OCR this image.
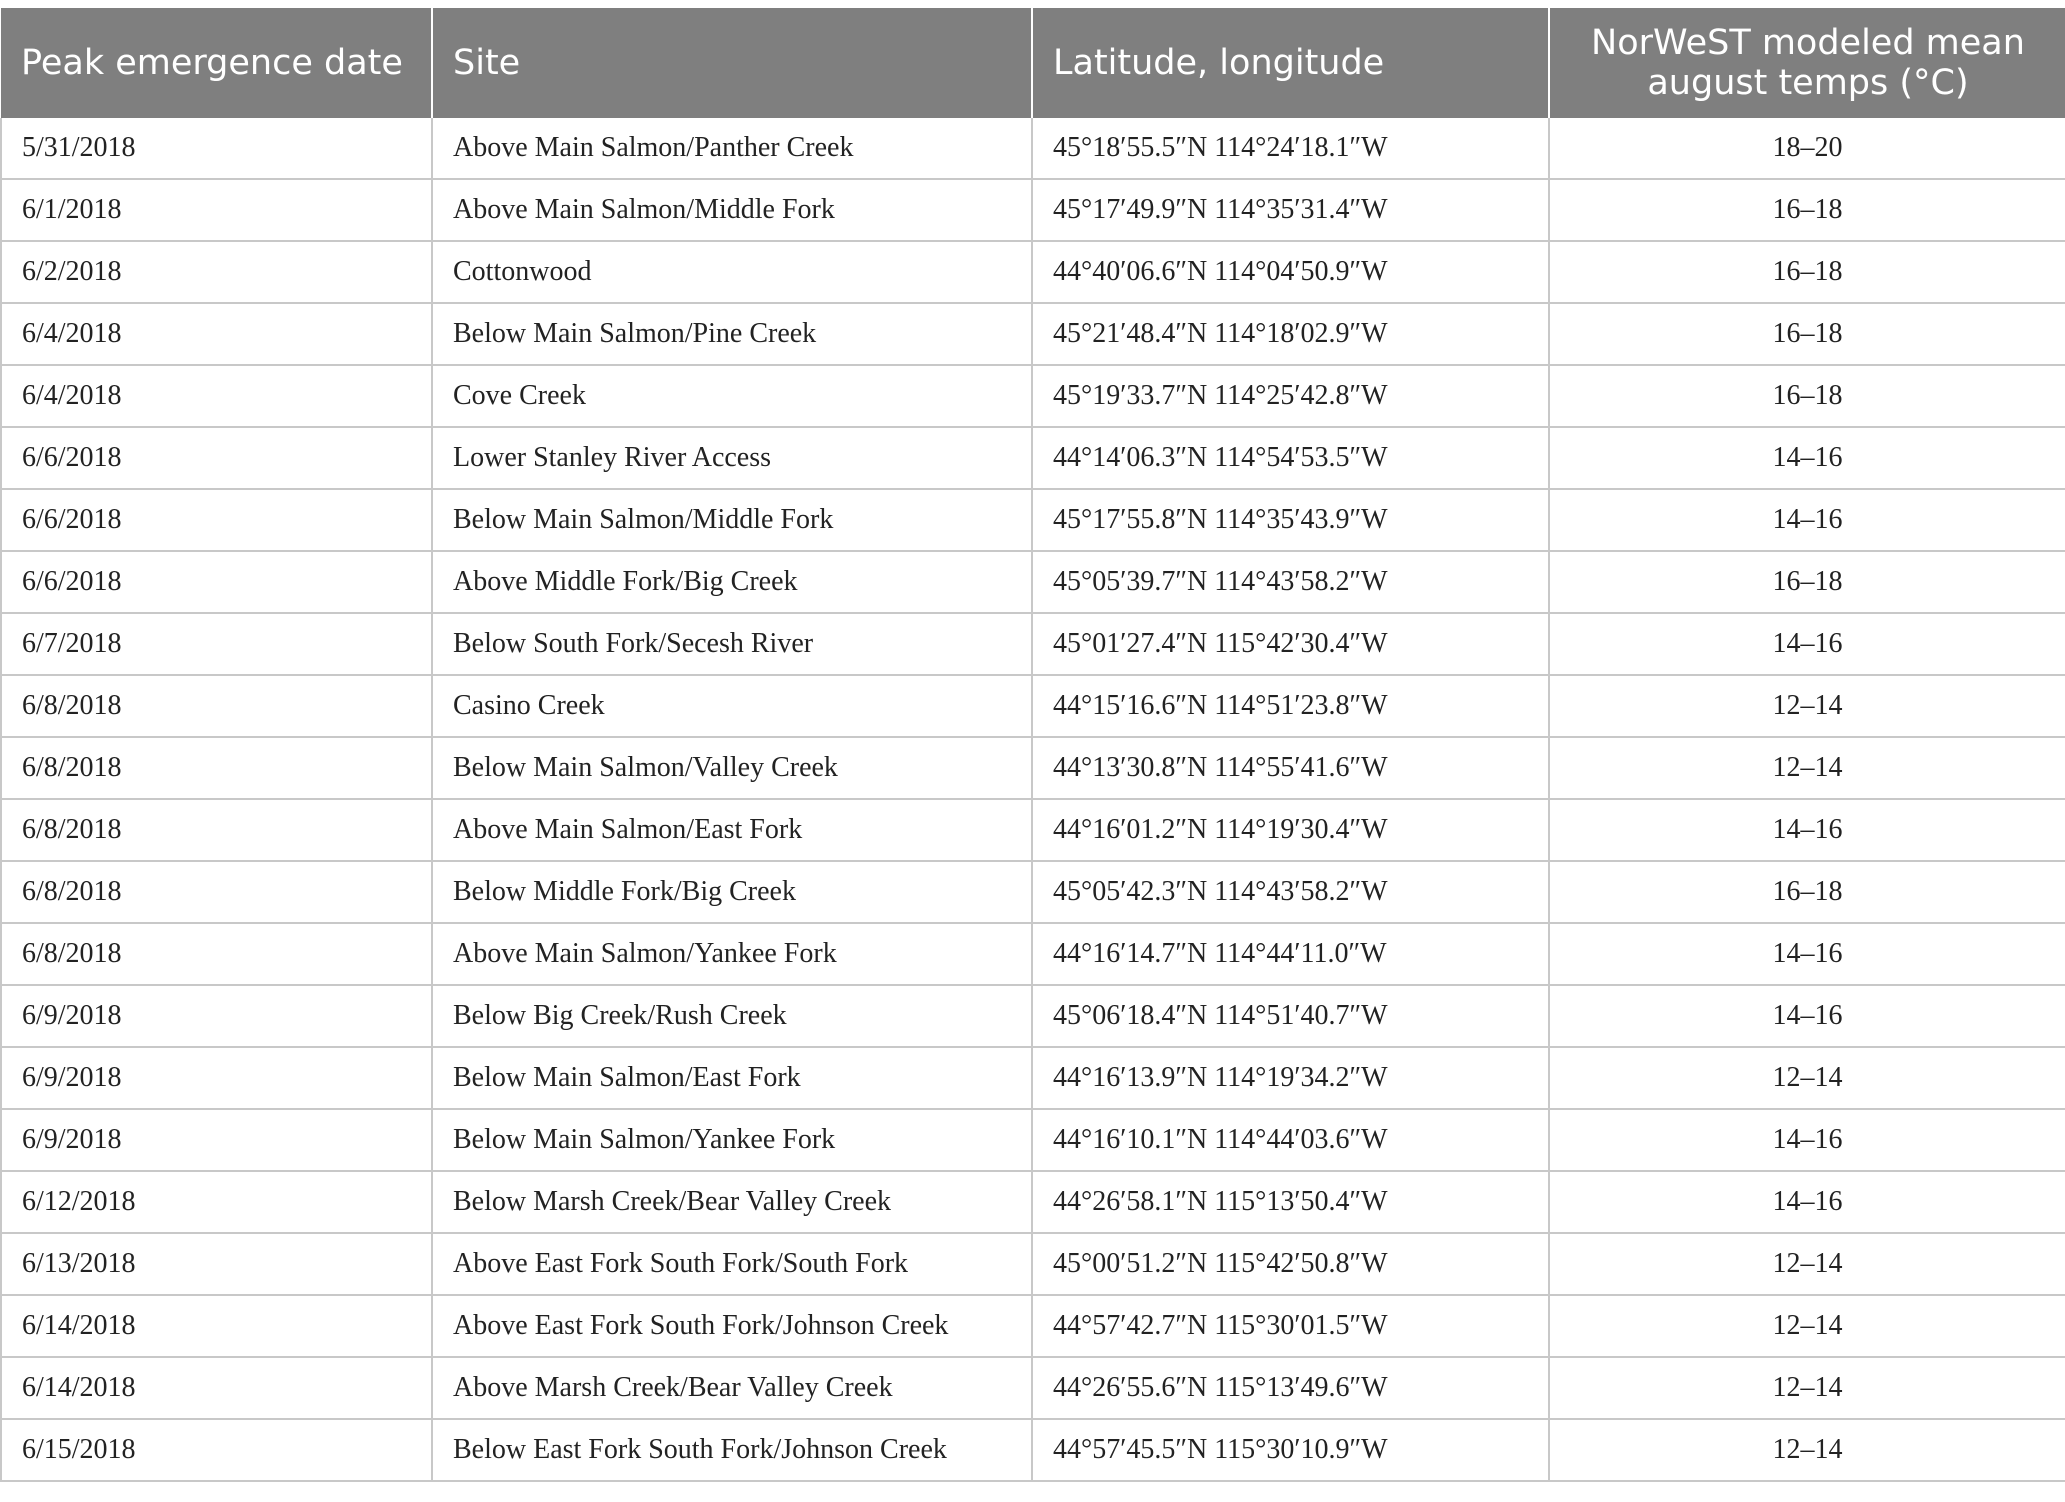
Peak emergence date	Site	Latitude, longitude	NorWeST modeled mean august temps (°C)
5/31/2018	Above Main Salmon/Panther Creek	45°18′55.5″N 114°24′18.1″W	18–20
6/1/2018	Above Main Salmon/Middle Fork	45°17′49.9″N 114°35′31.4″W	16–18
6/2/2018	Cottonwood	44°40′06.6″N 114°04′50.9″W	16–18
6/4/2018	Below Main Salmon/Pine Creek	45°21′48.4″N 114°18′02.9″W	16–18
6/4/2018	Cove Creek	45°19′33.7″N 114°25′42.8″W	16–18
6/6/2018	Lower Stanley River Access	44°14′06.3″N 114°54′53.5″W	14–16
6/6/2018	Below Main Salmon/Middle Fork	45°17′55.8″N 114°35′43.9″W	14–16
6/6/2018	Above Middle Fork/Big Creek	45°05′39.7″N 114°43′58.2″W	16–18
6/7/2018	Below South Fork/Secesh River	45°01′27.4″N 115°42′30.4″W	14–16
6/8/2018	Casino Creek	44°15′16.6″N 114°51′23.8″W	12–14
6/8/2018	Below Main Salmon/Valley Creek	44°13′30.8″N 114°55′41.6″W	12–14
6/8/2018	Above Main Salmon/East Fork	44°16′01.2″N 114°19′30.4″W	14–16
6/8/2018	Below Middle Fork/Big Creek	45°05′42.3″N 114°43′58.2″W	16–18
6/8/2018	Above Main Salmon/Yankee Fork	44°16′14.7″N 114°44′11.0″W	14–16
6/9/2018	Below Big Creek/Rush Creek	45°06′18.4″N 114°51′40.7″W	14–16
6/9/2018	Below Main Salmon/East Fork	44°16′13.9″N 114°19′34.2″W	12–14
6/9/2018	Below Main Salmon/Yankee Fork	44°16′10.1″N 114°44′03.6″W	14–16
6/12/2018	Below Marsh Creek/Bear Valley Creek	44°26′58.1″N 115°13′50.4″W	14–16
6/13/2018	Above East Fork South Fork/South Fork	45°00′51.2″N 115°42′50.8″W	12–14
6/14/2018	Above East Fork South Fork/Johnson Creek	44°57′42.7″N 115°30′01.5″W	12–14
6/14/2018	Above Marsh Creek/Bear Valley Creek	44°26′55.6″N 115°13′49.6″W	12–14
6/15/2018	Below East Fork South Fork/Johnson Creek	44°57′45.5″N 115°30′10.9″W	12–14
